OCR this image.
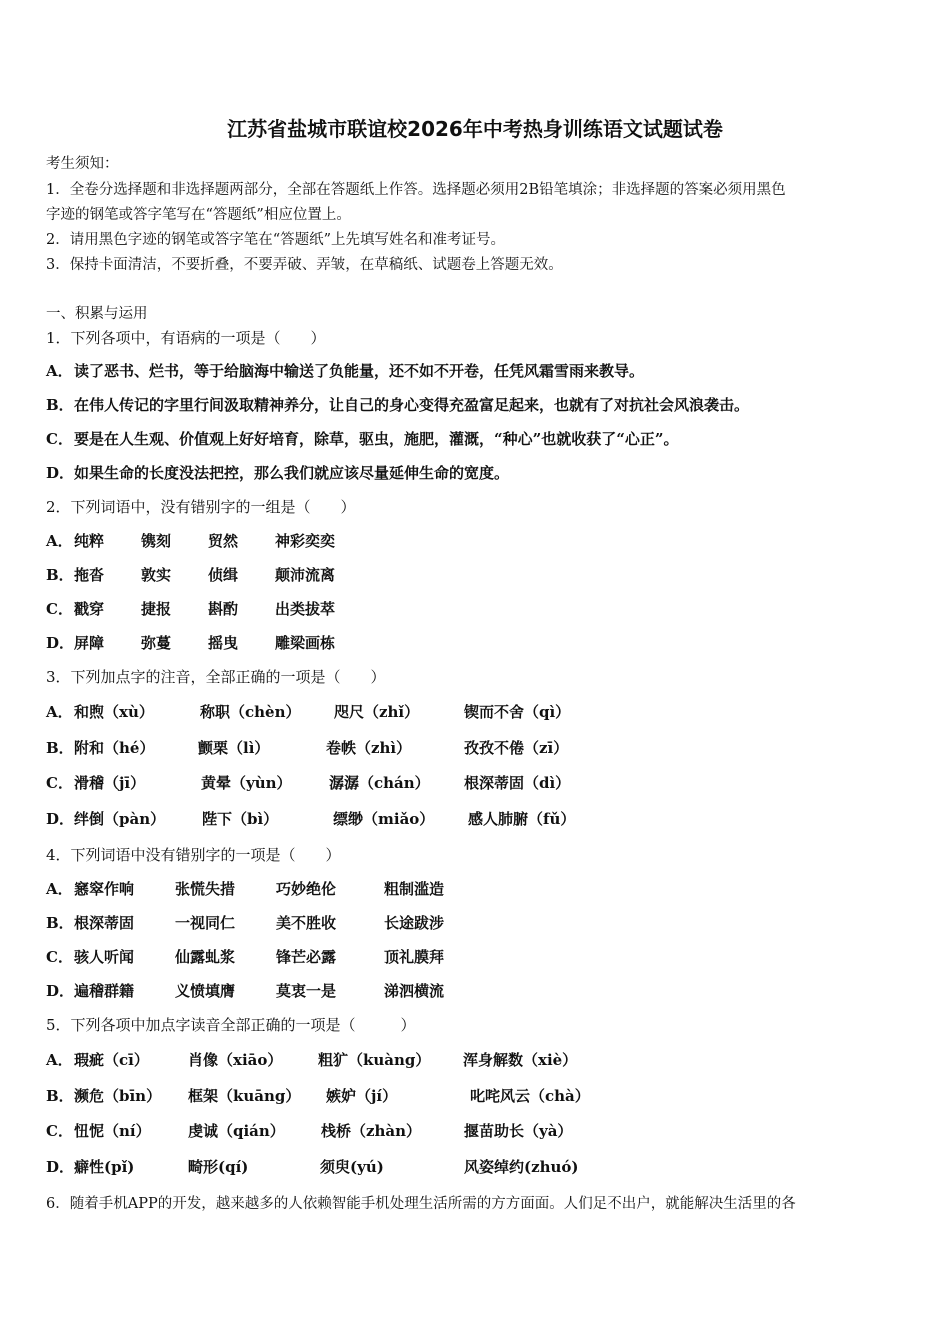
江苏省盐城市联谊校2026年中考热身训练语文试题试卷
考生须知：
1．全卷分选择题和非选择题两部分，全部在答题纸上作答。选择题必须用2B铅笔填涂；非选择题的答案必须用黑色
字迹的钢笔或答字笔写在“答题纸”相应位置上。
2．请用黑色字迹的钢笔或答字笔在“答题纸”上先填写姓名和准考证号。
3．保持卡面清洁，不要折叠，不要弄破、弄皱，在草稿纸、试题卷上答题无效。
一、积累与运用
1．下列各项中，有语病的一项是（　　）
A．读了恶书、烂书，等于给脑海中输送了负能量，还不如不开卷，任凭风霜雪雨来教导。
B．在伟人传记的字里行间汲取精神养分，让自己的身心变得充盈富足起来，也就有了对抗社会风浪袭击。
C．要是在人生观、价值观上好好培育，除草，驱虫，施肥，灌溉，“种心”也就收获了“心正”。
D．如果生命的长度没法把控，那么我们就应该尽量延伸生命的宽度。
2．下列词语中，没有错别字的一组是（　　）
A． 纯粹 镌刻 贸然 神彩奕奕
B． 拖沓 敦实 侦缉 颠沛流离
C． 戳穿 捷报 斟酌 出类拔萃
D． 屏障 弥蔓 摇曳 雕梁画栋
3．下列加点字的注音，全部正确的一项是（　　）
A． 和煦（xù）	称职（chèn） 咫尺（zhǐ）	锲而不舍（qì）
B． 附和（hé）	颤栗（lì）	卷帙（zhì）	孜孜不倦（zī）
C． 滑稽（jī）	黄晕（yùn） 潺潺（chán） 根深蒂固（dì）
D． 绊倒（pàn） 陛下（bì）	缥缈（miǎo） 感人肺腑（fǔ）
4．下列词语中没有错别字的一项是（　　）
A． 窸窣作响	张慌失措	巧妙绝伦	粗制滥造
B． 根深蒂固	一视同仁	美不胜收	长途跋涉
C． 骇人听闻	仙露虬浆	锋芒必露	顶礼膜拜
D． 遍稽群籍	义愤填膺	莫衷一是	涕泗横流
5．下列各项中加点字读音全部正确的一项是（　　　）
A． 瑕疵（cī）	肖像（xiāo） 粗犷（kuàng） 浑身解数（xiè）
B． 濒危（bīn） 框架（kuāng） 嫉妒（jí）	叱咤风云（chà）
C． 忸怩（ní） 虔诚（qián） 栈桥（zhàn）	揠苗助长（yà）
D． 癖性(pǐ)	畸形(qí)	须臾(yú)	风姿绰约(zhuó)
6．随着手机APP的开发，越来越多的人依赖智能手机处理生活所需的方方面面。人们足不出户，就能解决生活里的各
